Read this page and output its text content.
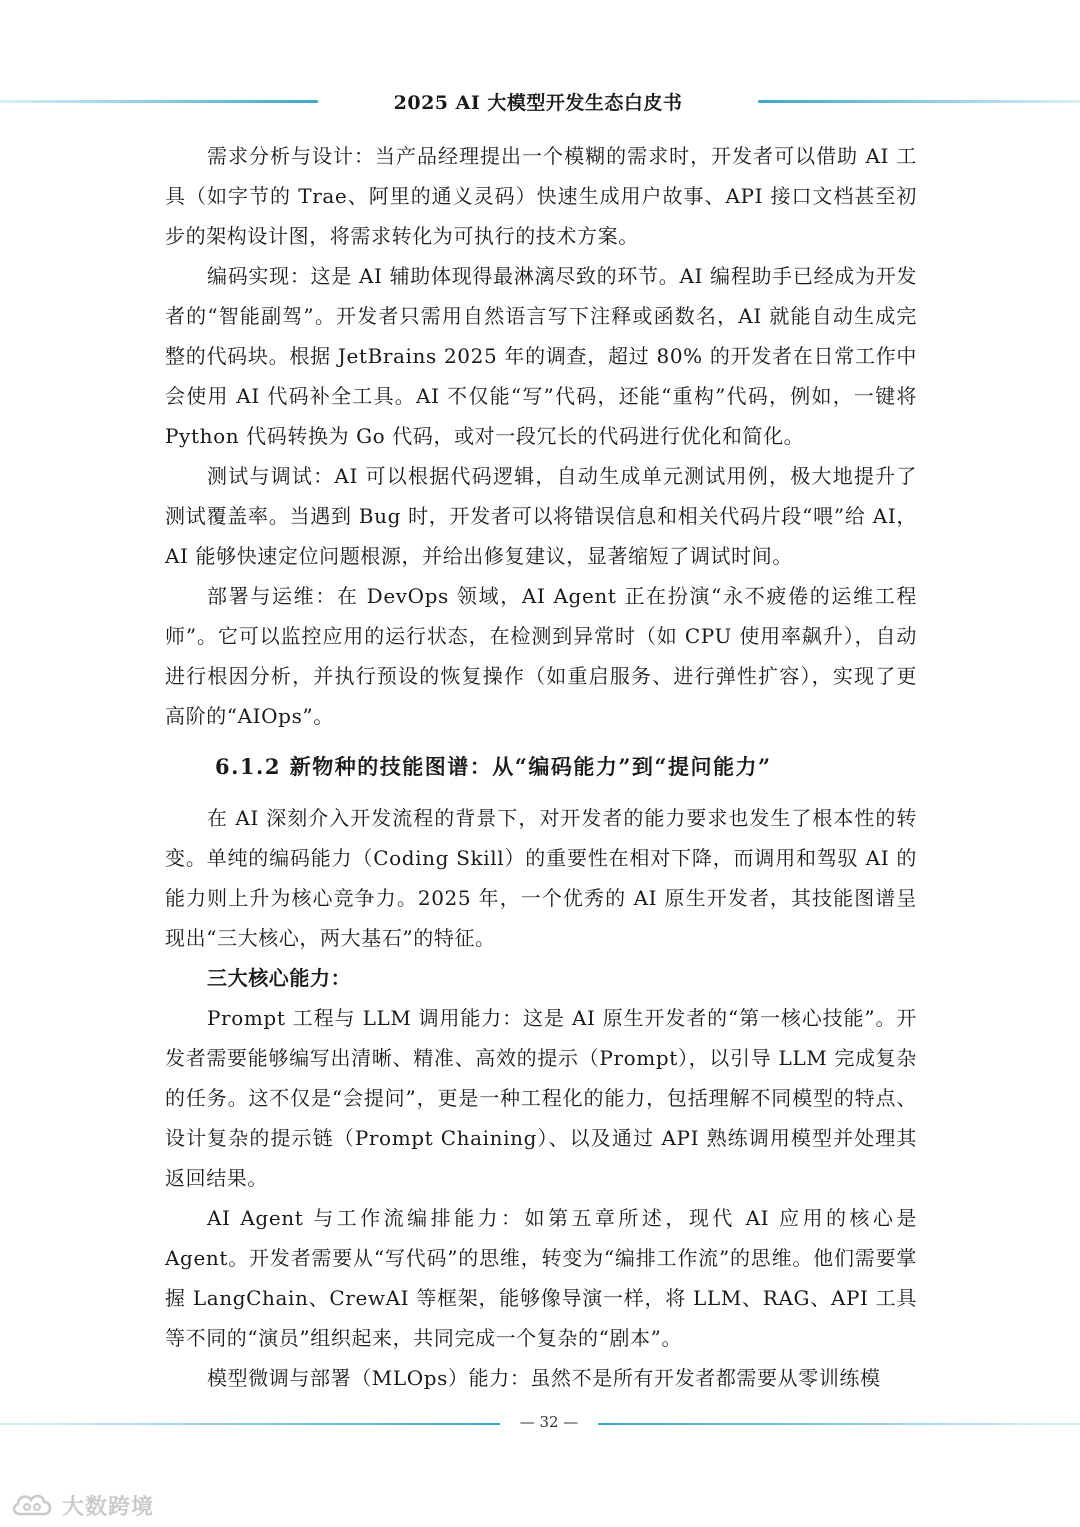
2025 AI 大模型开发生态白皮书

需求分析与设计：当产品经理提出一个模糊的需求时，开发者可以借助 AI 工具（如字节的 Trae、阿里的通义灵码）快速生成用户故事、API 接口文档甚至初步的架构设计图，将需求转化为可执行的技术方案。

编码实现：这是 AI 辅助体现得最淋漓尽致的环节。AI 编程助手已经成为开发者的“智能副驾”。开发者只需用自然语言写下注释或函数名，AI 就能自动生成完整的代码块。根据 JetBrains 2025 年的调查，超过 80% 的开发者在日常工作中会使用 AI 代码补全工具。AI 不仅能“写”代码，还能“重构”代码，例如，一键将 Python 代码转换为 Go 代码，或对一段冗长的代码进行优化和简化。

测试与调试：AI 可以根据代码逻辑，自动生成单元测试用例，极大地提升了测试覆盖率。当遇到 Bug 时，开发者可以将错误信息和相关代码片段“喂”给 AI，AI 能够快速定位问题根源，并给出修复建议，显著缩短了调试时间。

部署与运维：在 DevOps 领域，AI Agent 正在扮演“永不疲倦的运维工程师”。它可以监控应用的运行状态，在检测到异常时（如 CPU 使用率飙升），自动进行根因分析，并执行预设的恢复操作（如重启服务、进行弹性扩容），实现了更高阶的“AIOps”。

6.1.2 新物种的技能图谱：从“编码能力”到“提问能力”

在 AI 深刻介入开发流程的背景下，对开发者的能力要求也发生了根本性的转变。单纯的编码能力（Coding Skill）的重要性在相对下降，而调用和驾驭 AI 的能力则上升为核心竞争力。2025 年，一个优秀的 AI 原生开发者，其技能图谱呈现出“三大核心，两大基石”的特征。

三大核心能力：

Prompt 工程与 LLM 调用能力：这是 AI 原生开发者的“第一核心技能”。开发者需要能够编写出清晰、精准、高效的提示（Prompt），以引导 LLM 完成复杂的任务。这不仅是“会提问”，更是一种工程化的能力，包括理解不同模型的特点、设计复杂的提示链（Prompt Chaining）、以及通过 API 熟练调用模型并处理其返回结果。

AI Agent 与工作流编排能力：如第五章所述，现代 AI 应用的核心是 Agent。开发者需要从“写代码”的思维，转变为“编排工作流”的思维。他们需要掌握 LangChain、CrewAI 等框架，能够像导演一样，将 LLM、RAG、API 工具等不同的“演员”组织起来，共同完成一个复杂的“剧本”。

模型微调与部署（MLOps）能力：虽然不是所有开发者都需要从零训练模

— 32 —
大数跨境
